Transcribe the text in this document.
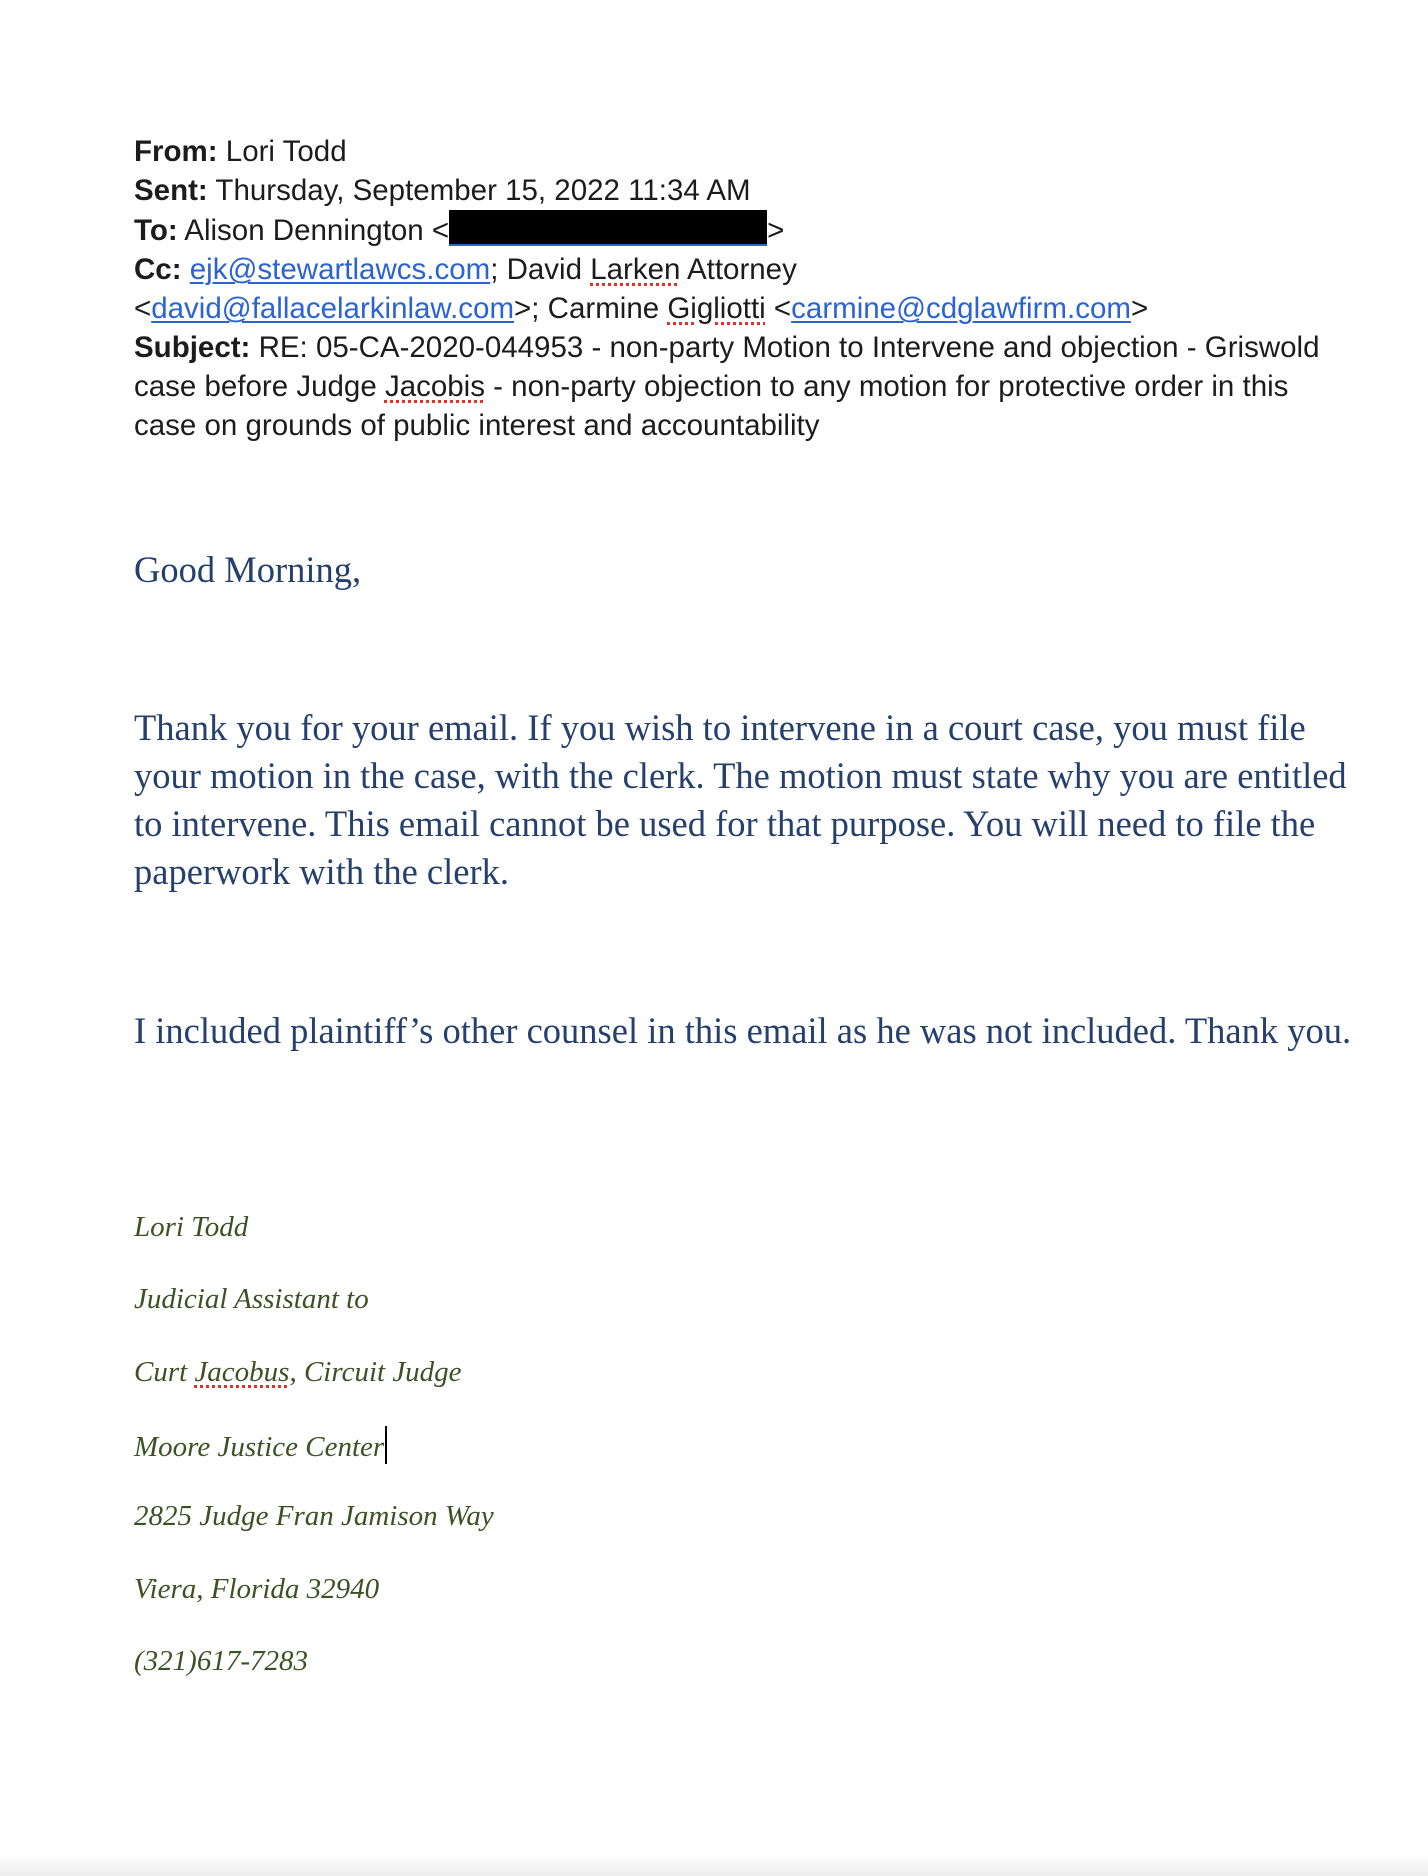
From: Lori Todd
Sent: Thursday, September 15, 2022 11:34 AM
To: Alison Dennington <	>
Cc: ejk@stewartlawcs.com; David Larken Attorney
<david@fallacelarkinlaw.com>; Carmine Gigliotti <carmine@cdglawfirm.com>
Subject: RE: 05-CA-2020-044953 - non-party Motion to Intervene and objection - Griswold case before Judge Jacobis - non-party objection to any motion for protective order in this case on grounds of public interest and accountability
Good Morning,
Thank you for your email. If you wish to intervene in a court case, you must file your motion in the case, with the clerk. The motion must state why you are entitled to intervene. This email cannot be used for that purpose. You will need to file the paperwork with the clerk.
I included plaintiff’s other counsel in this email as he was not included. Thank you.
Lori Todd
Judicial Assistant to
Curt Jacobus, Circuit Judge
Moore Justice Center
2825 Judge Fran Jamison Way
Viera, Florida 32940
(321)617-7283
